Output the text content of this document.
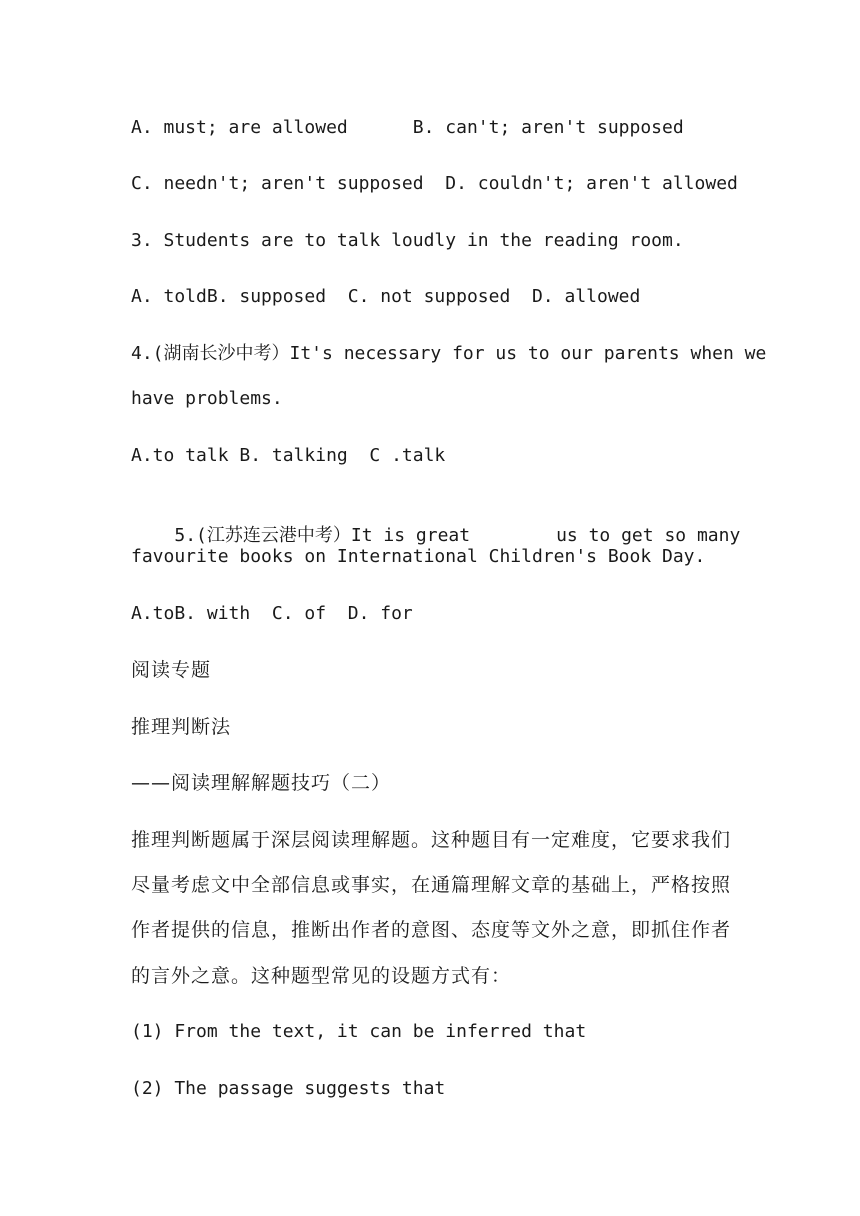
A. must; are allowed      B. can't; aren't supposed
C. needn't; aren't supposed  D. couldn't; aren't allowed
3. Students are to talk loudly in the reading room.
A. toldB. supposed  C. not supposed  D. allowed
4.(湖南长沙中考）It's necessary for us to our parents when we
have problems.
A.to talk B. talking  C .talk

5.(江苏连云港中考）It is great	us to get so many

favourite books on International Children's Book Day.
A.toB. with  C. of  D. for
阅读专题
推理判断法
——阅读理解解题技巧（二）
推理判断题属于深层阅读理解题。这种题目有一定难度，它要求我们
尽量考虑文中全部信息或事实，在通篇理解文章的基础上，严格按照
作者提供的信息，推断出作者的意图、态度等文外之意，即抓住作者
的言外之意。这种题型常见的设题方式有：
(1) From the text, it can be inferred that
(2) The passage suggests that
